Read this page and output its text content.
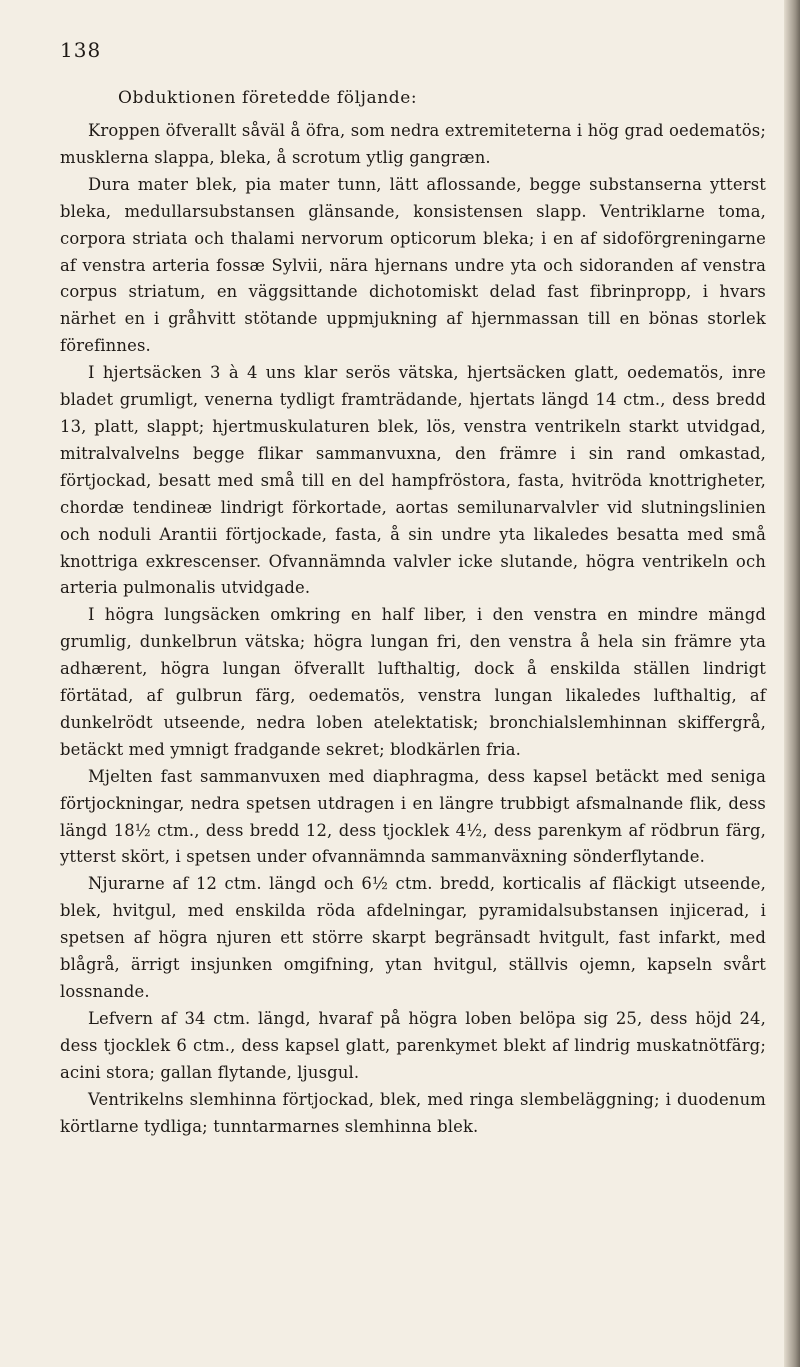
138
Obduktionen företedde följande:

Kroppen öfverallt såväl å öfra, som nedra extremiteterna i hög grad oedematös; musklerna slappa, bleka, å scrotum ytlig gangræn.

Dura mater blek, pia mater tunn, lätt aflossande, begge substanserna ytterst bleka, medullarsubstansen glänsande, konsistensen slapp. Ventriklarne toma, corpora striata och thalami nervorum opticorum bleka; i en af sidoförgreningarne af venstra arteria fossæ Sylvii, nära hjernans undre yta och sidoranden af venstra corpus striatum, en väggsittande dichotomiskt delad fast fibrinpropp, i hvars närhet en i gråhvitt stötande uppmjukning af hjernmassan till en bönas storlek förefinnes.

I hjertsäcken 3 à 4 uns klar serös vätska, hjertsäcken glatt, oedematös, inre bladet grumligt, venerna tydligt framträdande, hjertats längd 14 ctm., dess bredd 13, platt, slappt; hjertmuskulaturen blek, lös, venstra ventrikeln starkt utvidgad, mitralvalvelns begge flikar sammanvuxna, den främre i sin rand omkastad, förtjockad, besatt med små till en del hampfröstora, fasta, hvitröda knottrigheter, chordæ tendineæ lindrigt förkortade, aortas semilunarvalvler vid slutningslinien och noduli Arantii förtjockade, fasta, å sin undre yta likaledes besatta med små knottriga exkrescenser. Ofvannämnda valvler icke slutande, högra ventrikeln och arteria pulmonalis utvidgade.

I högra lungsäcken omkring en half liber, i den venstra en mindre mängd grumlig, dunkelbrun vätska; högra lungan fri, den venstra å hela sin främre yta adhærent, högra lungan öfverallt lufthaltig, dock å enskilda ställen lindrigt förtätad, af gulbrun färg, oedematös, venstra lungan likaledes lufthaltig, af dunkelrödt utseende, nedra loben atelektatisk; bronchialslemhinnan skiffergrå, betäckt med ymnigt fradgande sekret; blodkärlen fria.

Mjelten fast sammanvuxen med diaphragma, dess kapsel betäckt med seniga förtjockningar, nedra spetsen utdragen i en längre trubbigt afsmalnande flik, dess längd 18½ ctm., dess bredd 12, dess tjocklek 4½, dess parenkym af rödbrun färg, ytterst skört, i spetsen under ofvannämnda sammanväxning sönderflytande.

Njurarne af 12 ctm. längd och 6½ ctm. bredd, korticalis af fläckigt utseende, blek, hvitgul, med enskilda röda afdelningar, pyramidalsubstansen injicerad, i spetsen af högra njuren ett större skarpt begränsadt hvitgult, fast infarkt, med blågrå, ärrigt insjunken omgifning, ytan hvitgul, ställvis ojemn, kapseln svårt lossnande.

Lefvern af 34 ctm. längd, hvaraf på högra loben belöpa sig 25, dess höjd 24, dess tjocklek 6 ctm., dess kapsel glatt, parenkymet blekt af lindrig muskatnötfärg; acini stora; gallan flytande, ljusgul.

Ventrikelns slemhinna förtjockad, blek, med ringa slembeläggning; i duodenum körtlarne tydliga; tunntarmarnes slemhinna blek.
